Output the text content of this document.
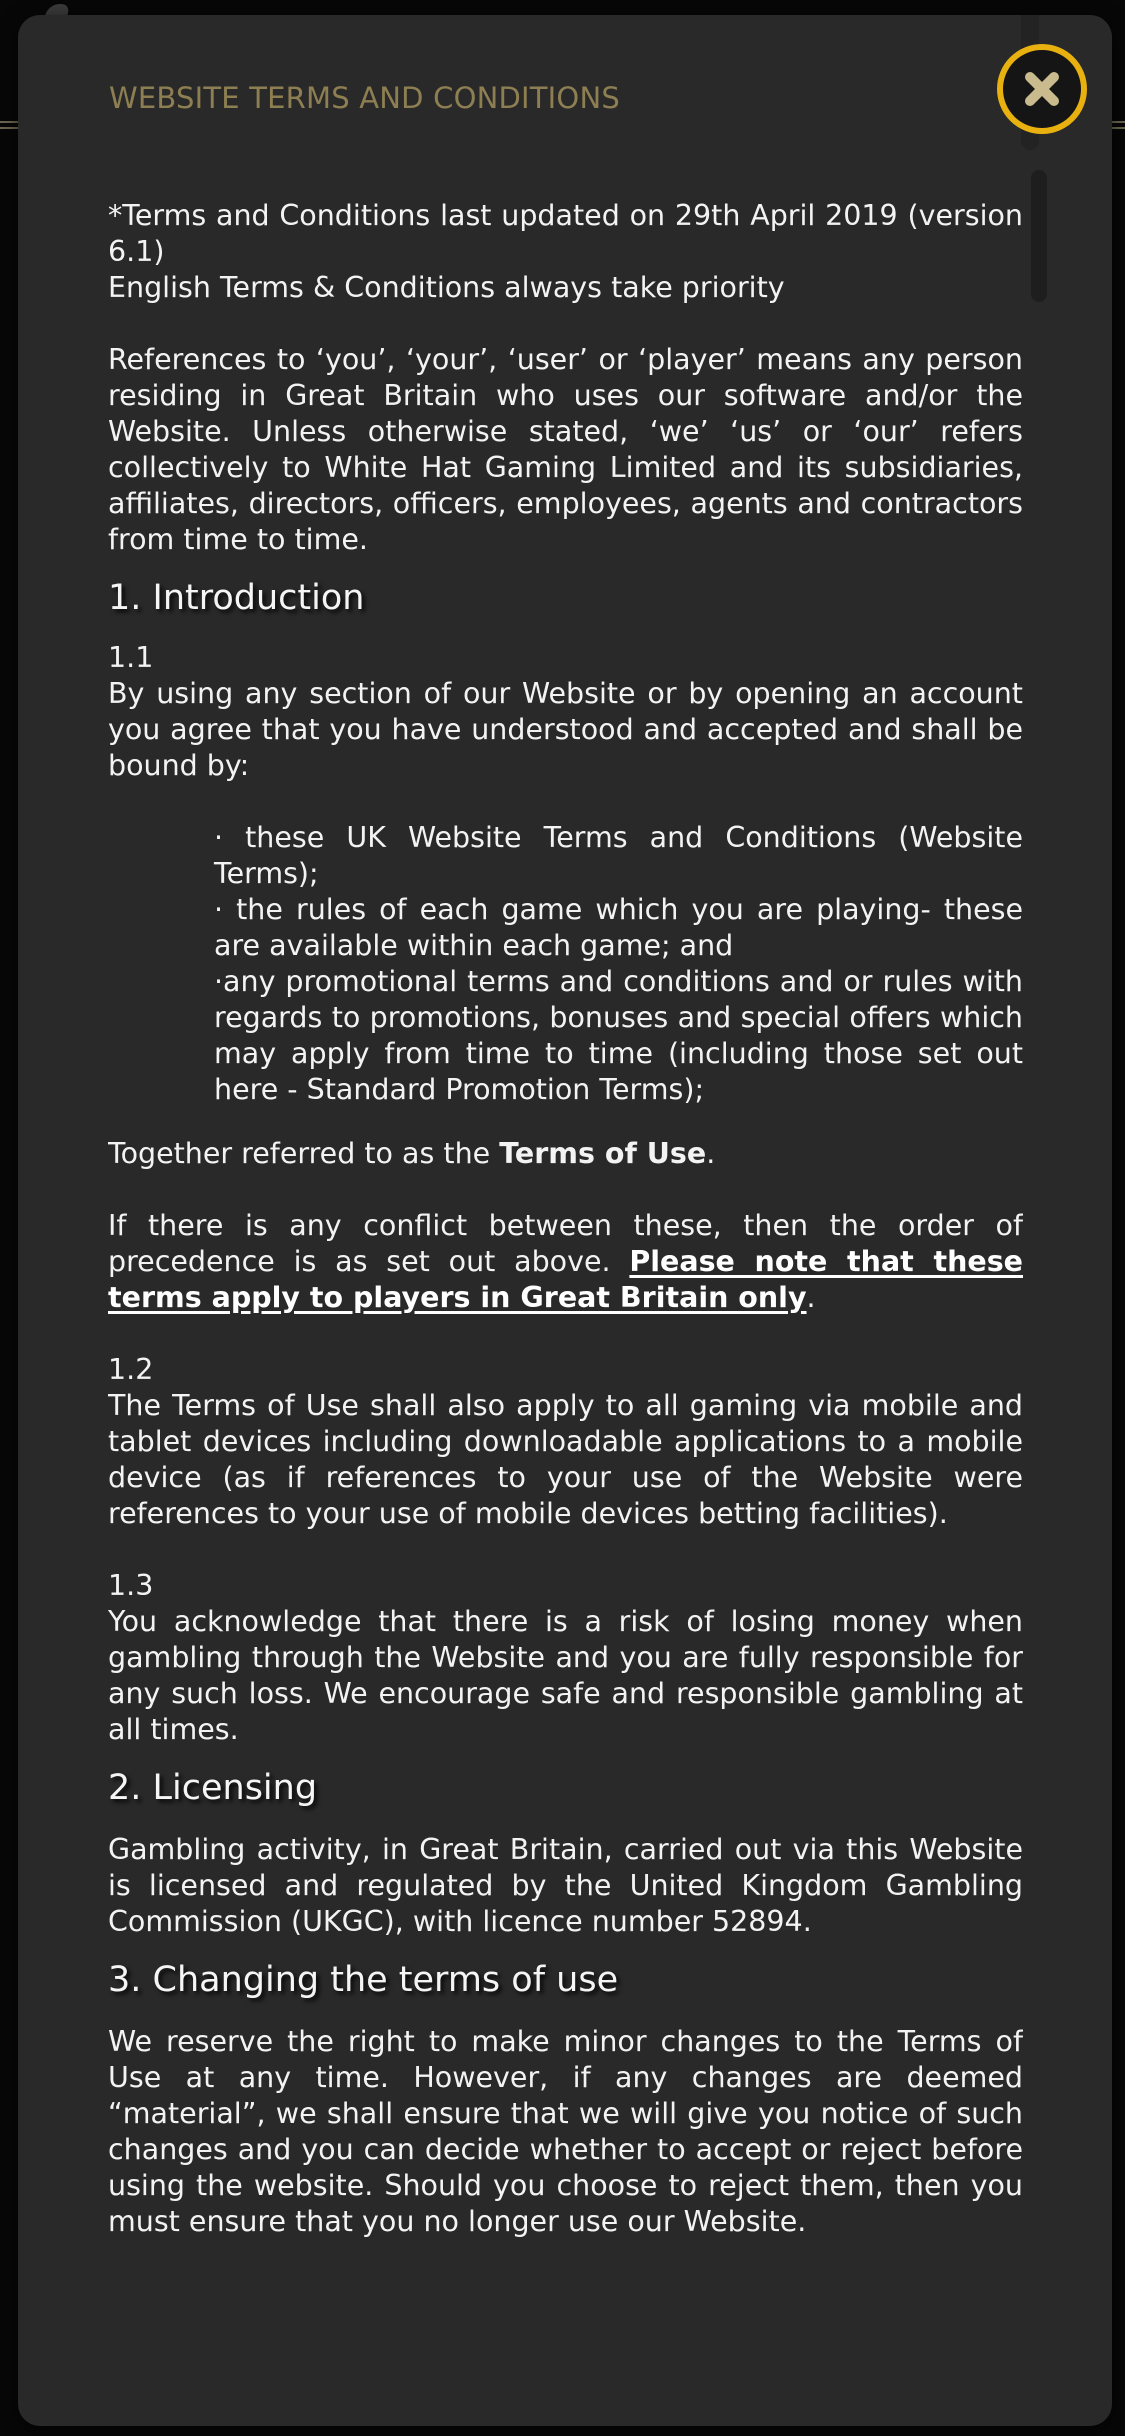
WEBSITE TERMS AND CONDITIONS

*Terms and Conditions last updated on 29th April 2019 (version 6.1)

English Terms & Conditions always take priority

References to ‘you’, ‘your’, ‘user’ or ‘player’ means any person residing in Great Britain who uses our software and/or the Website. Unless otherwise stated, ‘we’ ‘us’ or ‘our’ refers collectively to White Hat Gaming Limited and its subsidiaries, affiliates, directors, officers, employees, agents and contractors from time to time.

1. Introduction
1.1

By using any section of our Website or by opening an account you agree that you have understood and accepted and shall be bound by:

· these UK Website Terms and Conditions (Website Terms);

· the rules of each game which you are playing- these are available within each game; and

·any promotional terms and conditions and or rules with regards to promotions, bonuses and special offers which may apply from time to time (including those set out here - Standard Promotion Terms);

Together referred to as the Terms of Use.

If there is any conflict between these, then the order of precedence is as set out above. Please note that these terms apply to players in Great Britain only.

1.2

The Terms of Use shall also apply to all gaming via mobile and tablet devices including downloadable applications to a mobile device (as if references to your use of the Website were references to your use of mobile devices betting facilities).

1.3

You acknowledge that there is a risk of losing money when gambling through the Website and you are fully responsible for any such loss. We encourage safe and responsible gambling at all times.

2. Licensing

Gambling activity, in Great Britain, carried out via this Website is licensed and regulated by the United Kingdom Gambling Commission (UKGC), with licence number 52894.

3. Changing the terms of use

We reserve the right to make minor changes to the Terms of Use at any time. However, if any changes are deemed “material”, we shall ensure that we will give you notice of such changes and you can decide whether to accept or reject before using the website. Should you choose to reject them, then you must ensure that you no longer use our Website.
